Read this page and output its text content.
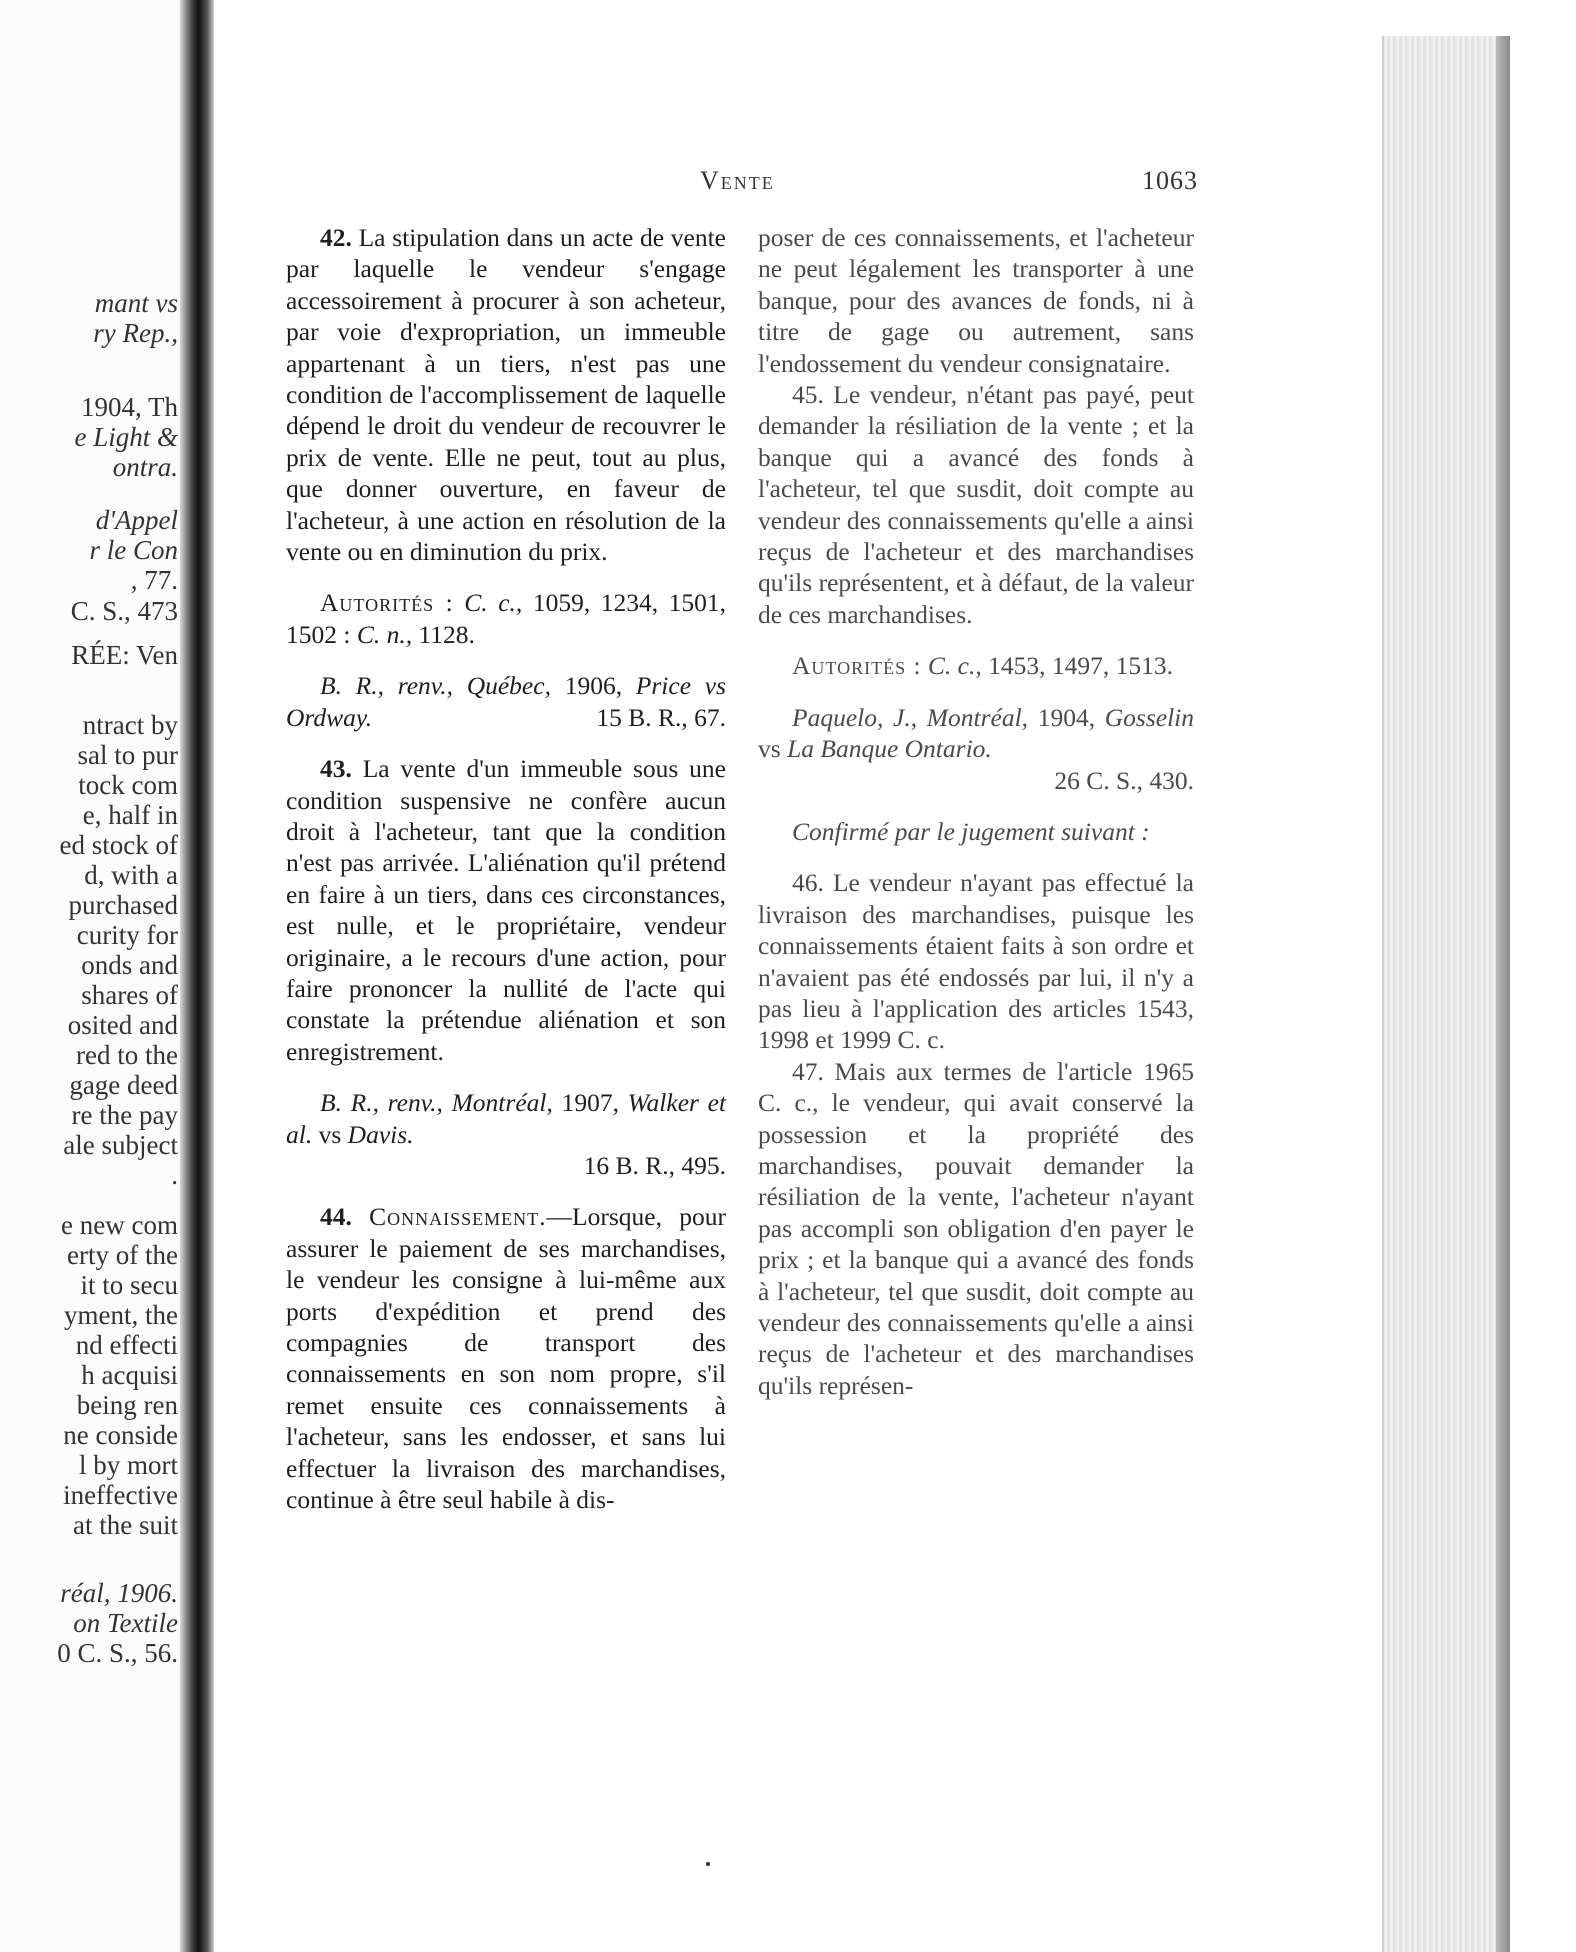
mant vs
ry Rep.,
1904, Th
e Light &
ontra.
d'Appel
r le Con
, 77.
C. S., 473
RÉE: Ven
ntract by
sal to pur
tock com
e, half in
ed stock of
d, with a
purchased
curity for
onds and
shares of
osited and
red to the
gage deed
re the pay
ale subject
.
e new com
erty of the
it to secu
yment, the
nd effecti
h acquisi
being ren
ne conside
l by mort
ineffective
at the suit
réal, 1906.
on Textile
0 C. S., 56.
Vente	1063

42. La stipulation dans un acte de vente par laquelle le vendeur s'engage accessoirement à procurer à son acheteur, par voie d'expropriation, un immeuble appartenant à un tiers, n'est pas une condition de l'accomplissement de laquelle dépend le droit du vendeur de recouvrer le prix de vente. Elle ne peut, tout au plus, que donner ouverture, en faveur de l'acheteur, à une action en résolution de la vente ou en diminution du prix.

Autorités : C. c., 1059, 1234, 1501, 1502 : C. n., 1128.

B. R., renv., Québec, 1906, Price vs Ordway.	15 B. R., 67.

43. La vente d'un immeuble sous une condition suspensive ne confère aucun droit à l'acheteur, tant que la condition n'est pas arrivée. L'aliénation qu'il prétend en faire à un tiers, dans ces circonstances, est nulle, et le propriétaire, vendeur originaire, a le recours d'une action, pour faire prononcer la nullité de l'acte qui constate la prétendue aliénation et son enregistrement.

B. R., renv., Montréal, 1907, Walker et al. vs Davis.

16 B. R., 495.

44. Connaissement.—Lorsque, pour assurer le paiement de ses marchandises, le vendeur les consigne à lui-même aux ports d'expédition et prend des compagnies de transport des connaissements en son nom propre, s'il remet ensuite ces connaissements à l'acheteur, sans les endosser, et sans lui effectuer la livraison des marchandises, continue à être seul habile à dis-

poser de ces connaissements, et l'acheteur ne peut légalement les transporter à une banque, pour des avances de fonds, ni à titre de gage ou autrement, sans l'endossement du vendeur consignataire.

45. Le vendeur, n'étant pas payé, peut demander la résiliation de la vente ; et la banque qui a avancé des fonds à l'acheteur, tel que susdit, doit compte au vendeur des connaissements qu'elle a ainsi reçus de l'acheteur et des marchandises qu'ils représentent, et à défaut, de la valeur de ces marchandises.

Autorités : C. c., 1453, 1497, 1513.

Paquelo, J., Montréal, 1904, Gosselin vs La Banque Ontario.

26 C. S., 430.

Confirmé par le jugement suivant :

46. Le vendeur n'ayant pas effectué la livraison des marchandises, puisque les connaissements étaient faits à son ordre et n'avaient pas été endossés par lui, il n'y a pas lieu à l'application des articles 1543, 1998 et 1999 C. c.

47. Mais aux termes de l'article 1965 C. c., le vendeur, qui avait conservé la possession et la propriété des marchandises, pouvait demander la résiliation de la vente, l'acheteur n'ayant pas accompli son obligation d'en payer le prix ; et la banque qui a avancé des fonds à l'acheteur, tel que susdit, doit compte au vendeur des connaissements qu'elle a ainsi reçus de l'acheteur et des marchandises qu'ils représen-
